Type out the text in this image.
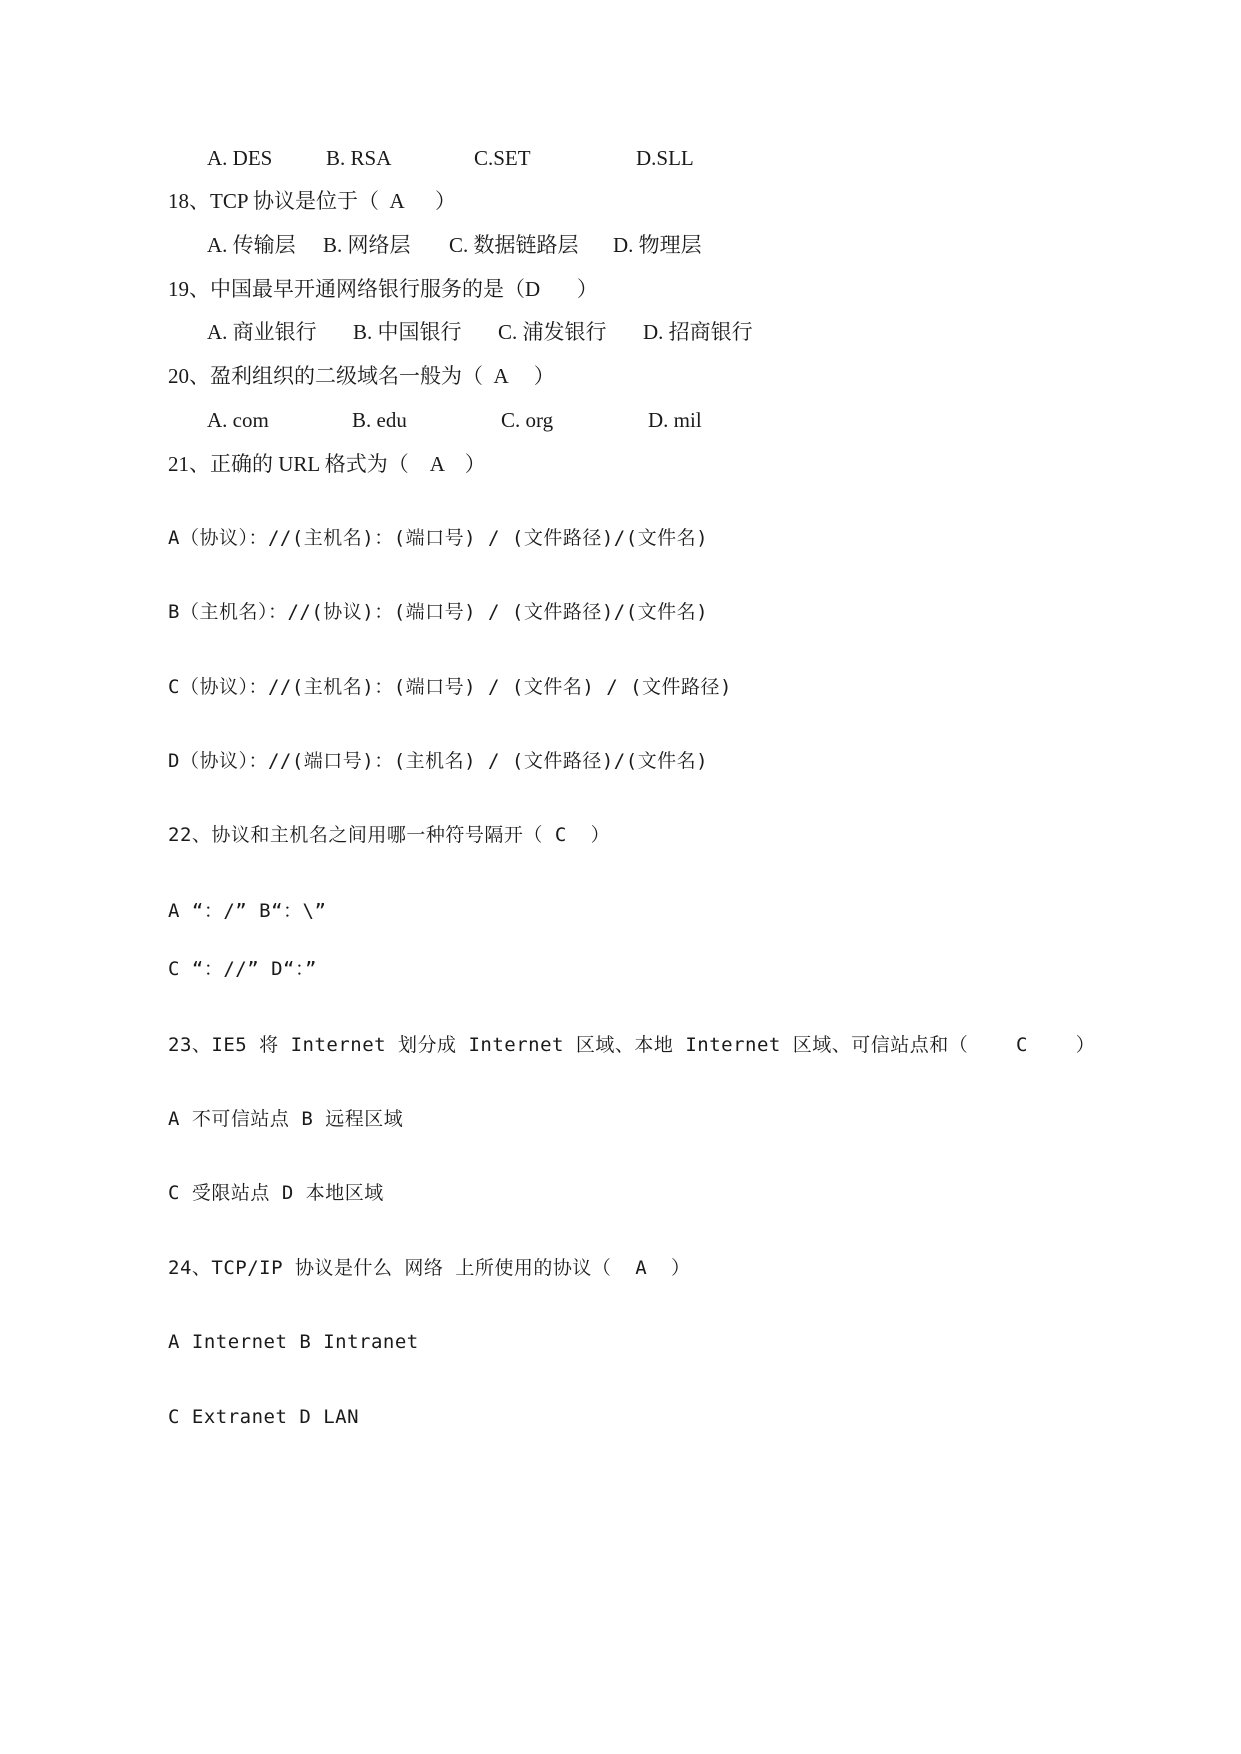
A. DES	B. RSA	C.SET	D.SLL
18、TCP 协议是位于（  A      ）
A. 传输层 B. 网络层 C. 数据链路层 D. 物理层
19、中国最早开通网络银行服务的是（D       ）
A. 商业银行 B. 中国银行 C. 浦发银行 D. 招商银行
20、盈利组织的二级域名一般为（  A     ）
A. com	B. edu	C. org	D. mil
21、正确的 URL 格式为（    A    ）
A（协议）：//(主机名)：(端口号) / (文件路径)/(文件名)
B（主机名）：//(协议)：(端口号) / (文件路径)/(文件名)
C（协议）：//(主机名)：(端口号) / (文件名) / (文件路径)
D（协议）：//(端口号)：(主机名) / (文件路径)/(文件名)
22、协议和主机名之间用哪一种符号隔开（ C  ）
A “：/” B“：\”
C “：//” D“：”
23、IE5 将 Internet 划分成 Internet 区域、本地 Internet 区域、可信站点和（    C    ）
A 不可信站点 B 远程区域
C 受限站点 D 本地区域
24、TCP/IP 协议是什么 网络 上所使用的协议（  A  ）
A Internet B Intranet
C Extranet D LAN
